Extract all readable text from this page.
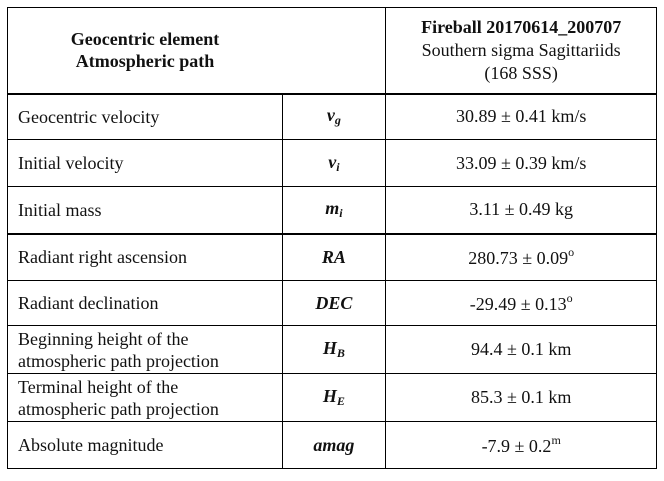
Geocentric element
Atmospheric path		Fireball 20170614_200707
Southern sigma Sagittariids
(168 SSS)

Geocentric velocity	$v_g$	30.89 ± 0.41 km/s
Initial velocity	$v_i$	33.09 ± 0.39 km/s
Initial mass	$m_i$	3.11 ± 0.49 kg
Radiant right ascension	RA	$280.73 \pm 0.09^o$
Radiant declination	DEC	$-29.49 \pm 0.13^o$

Beginning height of the
atmospheric path projection	$H_B$	94.4 ± 0.1 km

Terminal height of the
atmospheric path projection	$H_E$	85.3 ± 0.1 km
Absolute magnitude	amag	$-7.9 \pm 0.2^m$
